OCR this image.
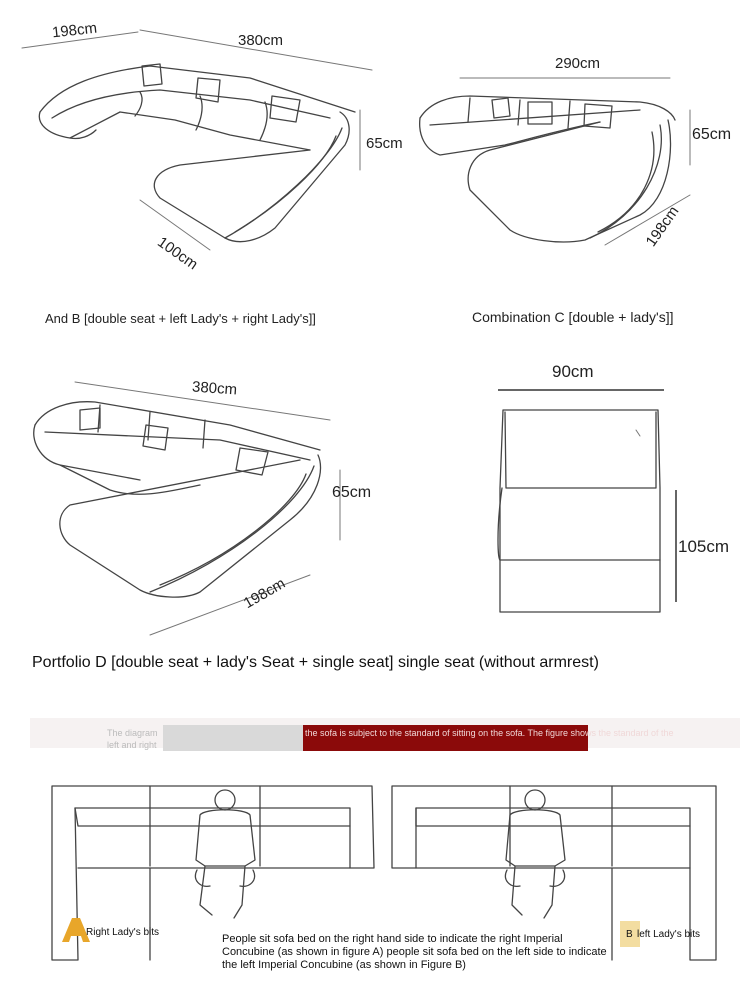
198cm	380cm
65cm
100cm
And B [double seat + left Lady's + right Lady's]]
290cm
65cm
198cm
Combination C [double + lady's]]
380cm
65cm
198cm
90cm
105cm
Portfolio D [double seat + lady's Seat + single seat] single seat (without armrest)
The diagram
left and right
the sofa is subject to the standard of sitting on the sofa. The figure shows the standard of the
Right Lady's bits	B left Lady's bits
People sit sofa bed on the right hand side to indicate the right Imperial Concubine (as shown in figure A) people sit sofa bed on the left side to indicate the left Imperial Concubine (as shown in Figure B)
